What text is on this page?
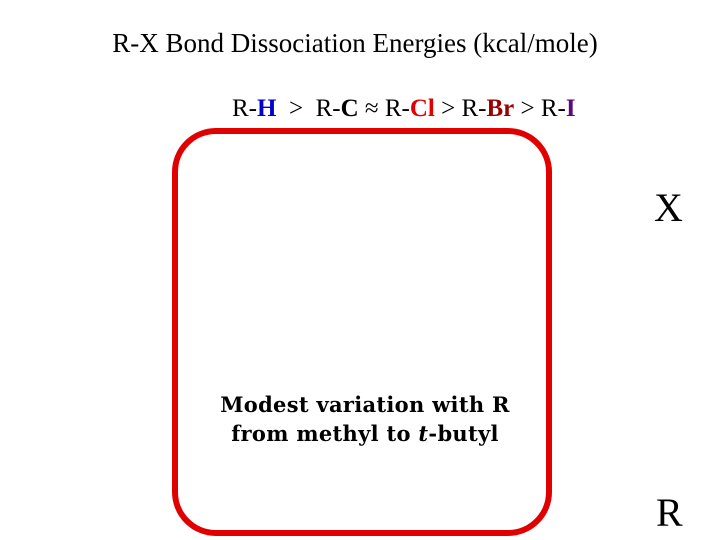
R-X Bond Dissociation Energies (kcal/mole)
R-H > R-C ≈ R-Cl > R-Br > R-I
Modest variation with R
from methyl to t-butyl
X
R
